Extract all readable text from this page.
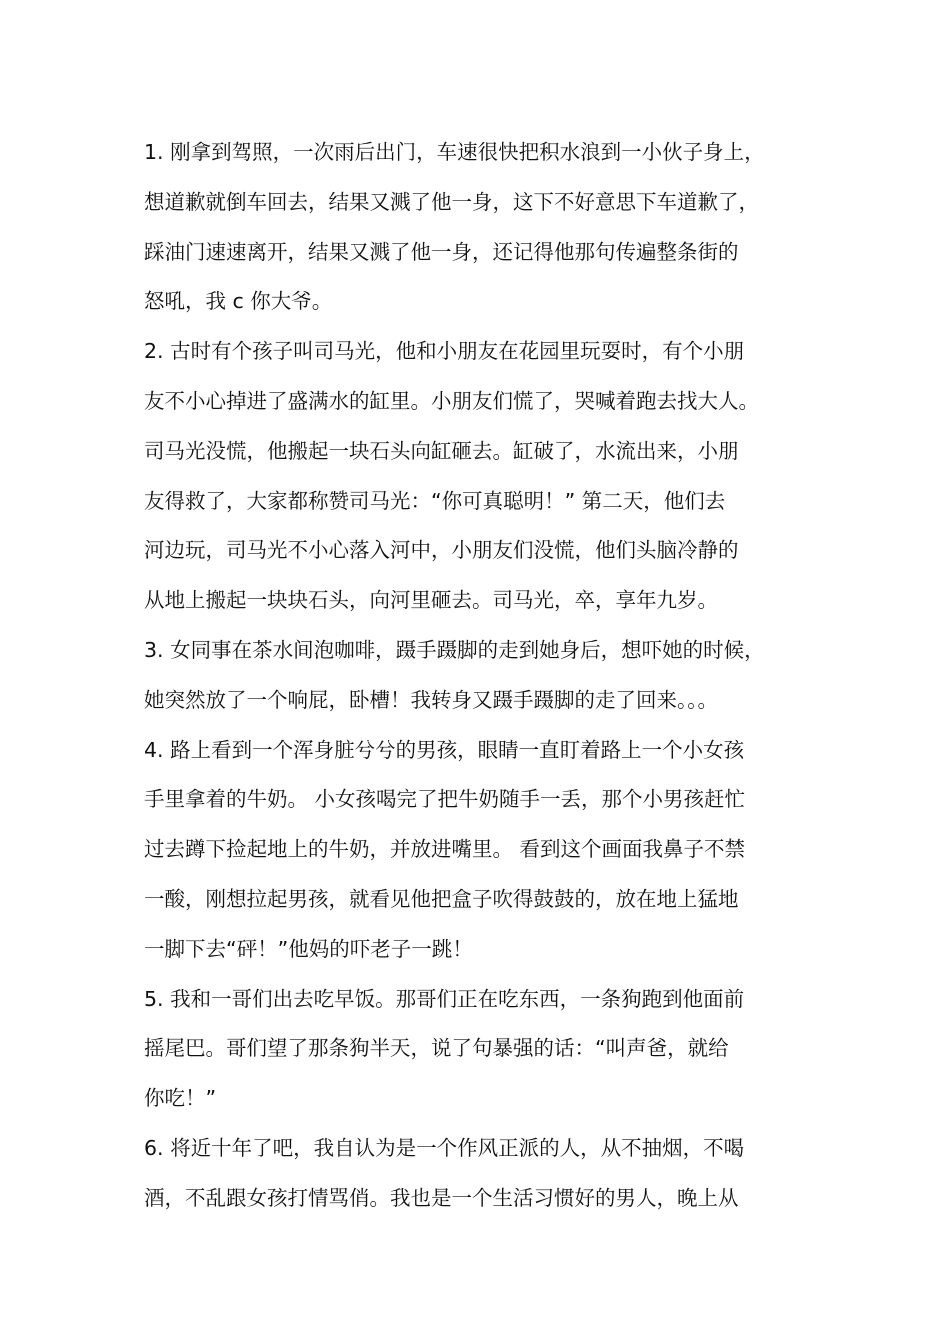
1. 刚拿到驾照，一次雨后出门，车速很快把积水浪到一小伙子身上，
想道歉就倒车回去，结果又溅了他一身，这下不好意思下车道歉了，
踩油门速速离开，结果又溅了他一身，还记得他那句传遍整条街的
怒吼，我 c 你大爷。
2. 古时有个孩子叫司马光，他和小朋友在花园里玩耍时，有个小朋
友不小心掉进了盛满水的缸里。小朋友们慌了，哭喊着跑去找大人。
司马光没慌，他搬起一块石头向缸砸去。缸破了，水流出来，小朋
友得救了，大家都称赞司马光：“你可真聪明！” 第二天，他们去
河边玩，司马光不小心落入河中，小朋友们没慌，他们头脑冷静的
从地上搬起一块块石头，向河里砸去。司马光，卒，享年九岁。
3. 女同事在茶水间泡咖啡，蹑手蹑脚的走到她身后，想吓她的时候，
她突然放了一个响屁，卧槽！我转身又蹑手蹑脚的走了回来。。。
4. 路上看到一个浑身脏兮兮的男孩，眼睛一直盯着路上一个小女孩
手里拿着的牛奶。 小女孩喝完了把牛奶随手一丢，那个小男孩赶忙
过去蹲下捡起地上的牛奶，并放进嘴里。 看到这个画面我鼻子不禁
一酸，刚想拉起男孩，就看见他把盒子吹得鼓鼓的，放在地上猛地
一脚下去“砰！”他妈的吓老子一跳！
5. 我和一哥们出去吃早饭。那哥们正在吃东西，一条狗跑到他面前
摇尾巴。哥们望了那条狗半天，说了句暴强的话：“叫声爸，就给
你吃！”
6. 将近十年了吧，我自认为是一个作风正派的人，从不抽烟，不喝
酒，不乱跟女孩打情骂俏。我也是一个生活习惯好的男人，晚上从
